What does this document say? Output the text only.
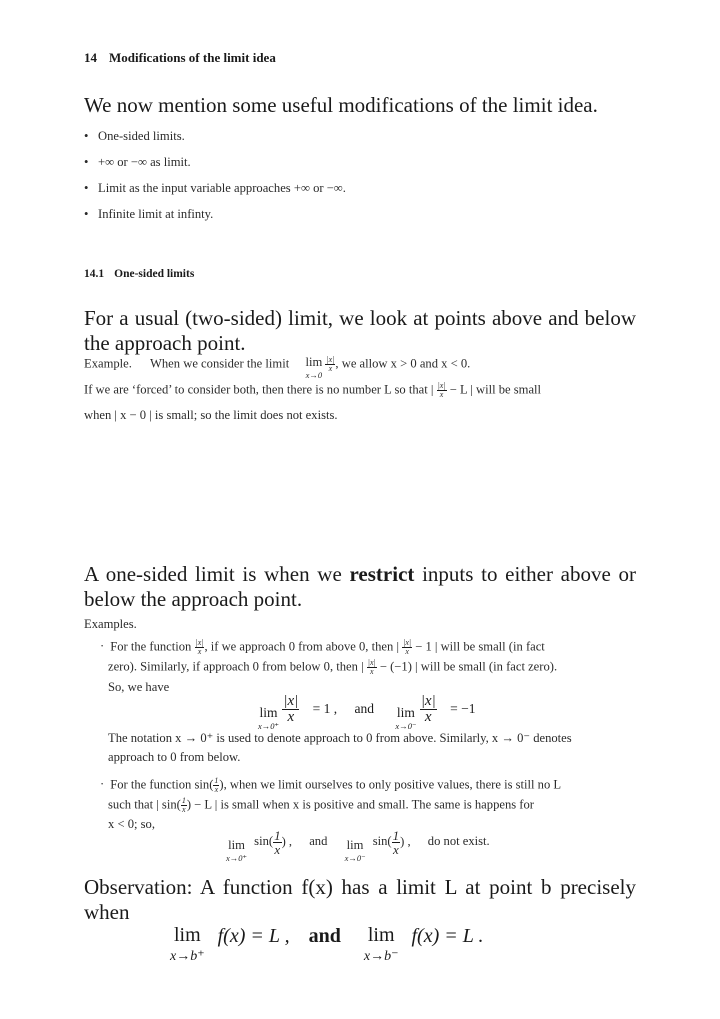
14 Modifications of the limit idea
We now mention some useful modifications of the limit idea.
• One-sided limits.
• +∞ or −∞ as limit.
• Limit as the input variable approaches +∞ or −∞.
• Infinite limit at infinty.
14.1 One-sided limits
For a usual (two-sided) limit, we look at points above and below
the approach point.
Example. When we consider the limit lim
x→0

$\frac{|x|}{x}$ , we allow x > 0 and x < 0.
If we are ‘forced’ to consider both, then there is no number L so that | $\frac{|x|}{x} - L$ | will be small
when | x − 0 | is small; so the limit does not exists.
A one-sided limit is when we restrict inputs to either above or
below the approach point.
Examples.
· For the function $\frac{|x|}{x}$ , if we approach 0 from above 0, then | $\frac{|x|}{x} - 1$ | will be small (in fact
zero). Similarly, if approach 0 from below 0, then | $\frac{|x|}{x} - (-1)$ | will be small (in fact zero).
So, we have
lim
x→0⁺

$\frac{|x|}{x} = 1$ , and lim
x→0⁻

$\frac{|x|}{x} = -1$
The notation x → 0⁺ is used to denote approach to 0 from above. Similarly, x → 0⁻ denotes
approach to 0 from below.
· For the function $\sin( \frac{1}{x}$ ), when we limit ourselves to only positive values, there is still no L
such that | $\sin( \frac{1}{x}$ ) − L | is small when x is positive and small. The same is happens for
x < 0; so,
lim
x→0⁺
$\sin( \frac{1}{x}$ ) , and lim
x→0⁻
$\sin( \frac{1}{x}$ ) , do not exist.
Observation: A function f(x) has a limit L at point b precisely
when
lim
x→b⁺
f(x) = L , and lim
x→b⁻
f(x) = L .
